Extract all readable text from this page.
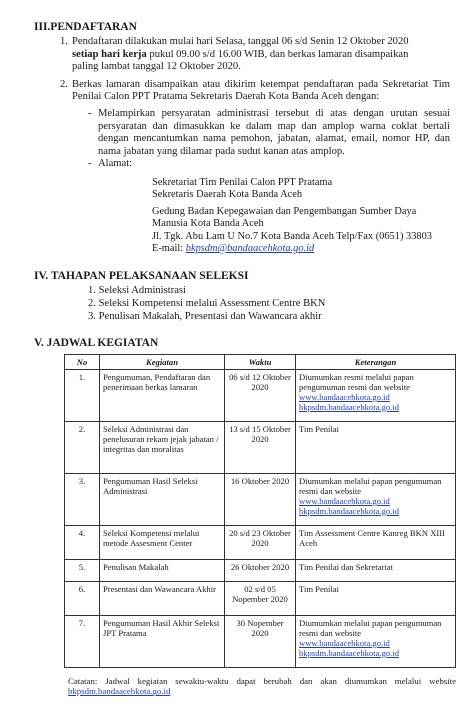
III.PENDAFTARAN

1. Pendaftaran dilakukan mulai hari Selasa, tanggal 06 s/d Senin 12 Oktober 2020
setiap hari kerja pukul 09.00 s/d 16.00 WIB, dan berkas lamaran disampaikan
paling lambat tanggal 12 Oktober 2020.
2. Berkas lamaran disampaikan atau dikirim ketempat pendaftaran pada Sekretariat Tim Penilai Calon PPT Pratama Sekretaris Daerah Kota Banda Aceh dengan:
- Melampirkan persyaratan administrasi tersebut di atas dengan urutan sesuai persyaratan dan dimasukkan ke dalam map dan amplop warna coklat bertali dengan mencantumkan nama pemohon, jabatan, alamat, email, nomor HP, dan nama jabatan yang dilamar pada sudut kanan atas amplop.
- Alamat:
Sekretariat Tim Penilai Calon PPT Pratama
Sekretaris Daerah Kota Banda Aceh
Gedung Badan Kepegawaian dan Pengembangan Sumber Daya
Manusia Kota Banda Aceh
Jl. Tgk. Abu Lam U No.7 Kota Banda Aceh Telp/Fax (0651) 33803
E-mail: bkpsdm@bandaacehkota.go.id

IV. TAHAPAN PELAKSANAAN SELEKSI

1. Seleksi Administrasi
2. Seleksi Kompetensi melalui Assessment Centre BKN
3. Penulisan Makalah, Presentasi dan Wawancara akhir

V. JADWAL KEGIATAN

No	Kegiatan	Waktu	Keterangan
1.	Pengumuman, Pendaftaran dan penerimaan berkas lamaran	06 s/d 12 Oktober 2020	Diumumkan resmi melalui papan pengumuman resmi dan website
www.bandaacehkota.go.id
bkpsdm.bandaacehkota.go.id

2.	Seleksi Administrasi dan penelusuran rekam jejak jabatan / integritas dan moralitas	13 s/d 15 Oktober 2020	Tim Penilai
3.	Pengumuman Hasil Seleksi Administrasi	16 Oktober 2020	Diumumkan melalui papan pengumuman resmi dan website
www.bandaacehkota.go.id
bkpsdm.bandaacehkota.go.id

4.	Seleksi Kompetensi melalui metode Assesment Center	20 s/d 23 Oktober 2020	Tim Assessment Centre Kanreg BKN XIII Aceh
5.	Penulisan Makalah	26 Oktober 2020	Tim Penilai dan Sekretariat
6.	Presentasi dan Wawancara Akhir	02 s/d 05 Nopember 2020	Tim Penilai
7.	Pengumuman Hasil Akhir Seleksi JPT Pratama	30 Nopember 2020	Diumumkan melalui papan pengumuman resmi dan website
www.bandaacehkota.go.id
bkpsdm.bandaacehkota.go.id
Catatan: Jadwal kegiatan sewaktu-waktu dapat berubah dan akan diumumkan melalui website bkpsdm.bandaacehkota.go.id
